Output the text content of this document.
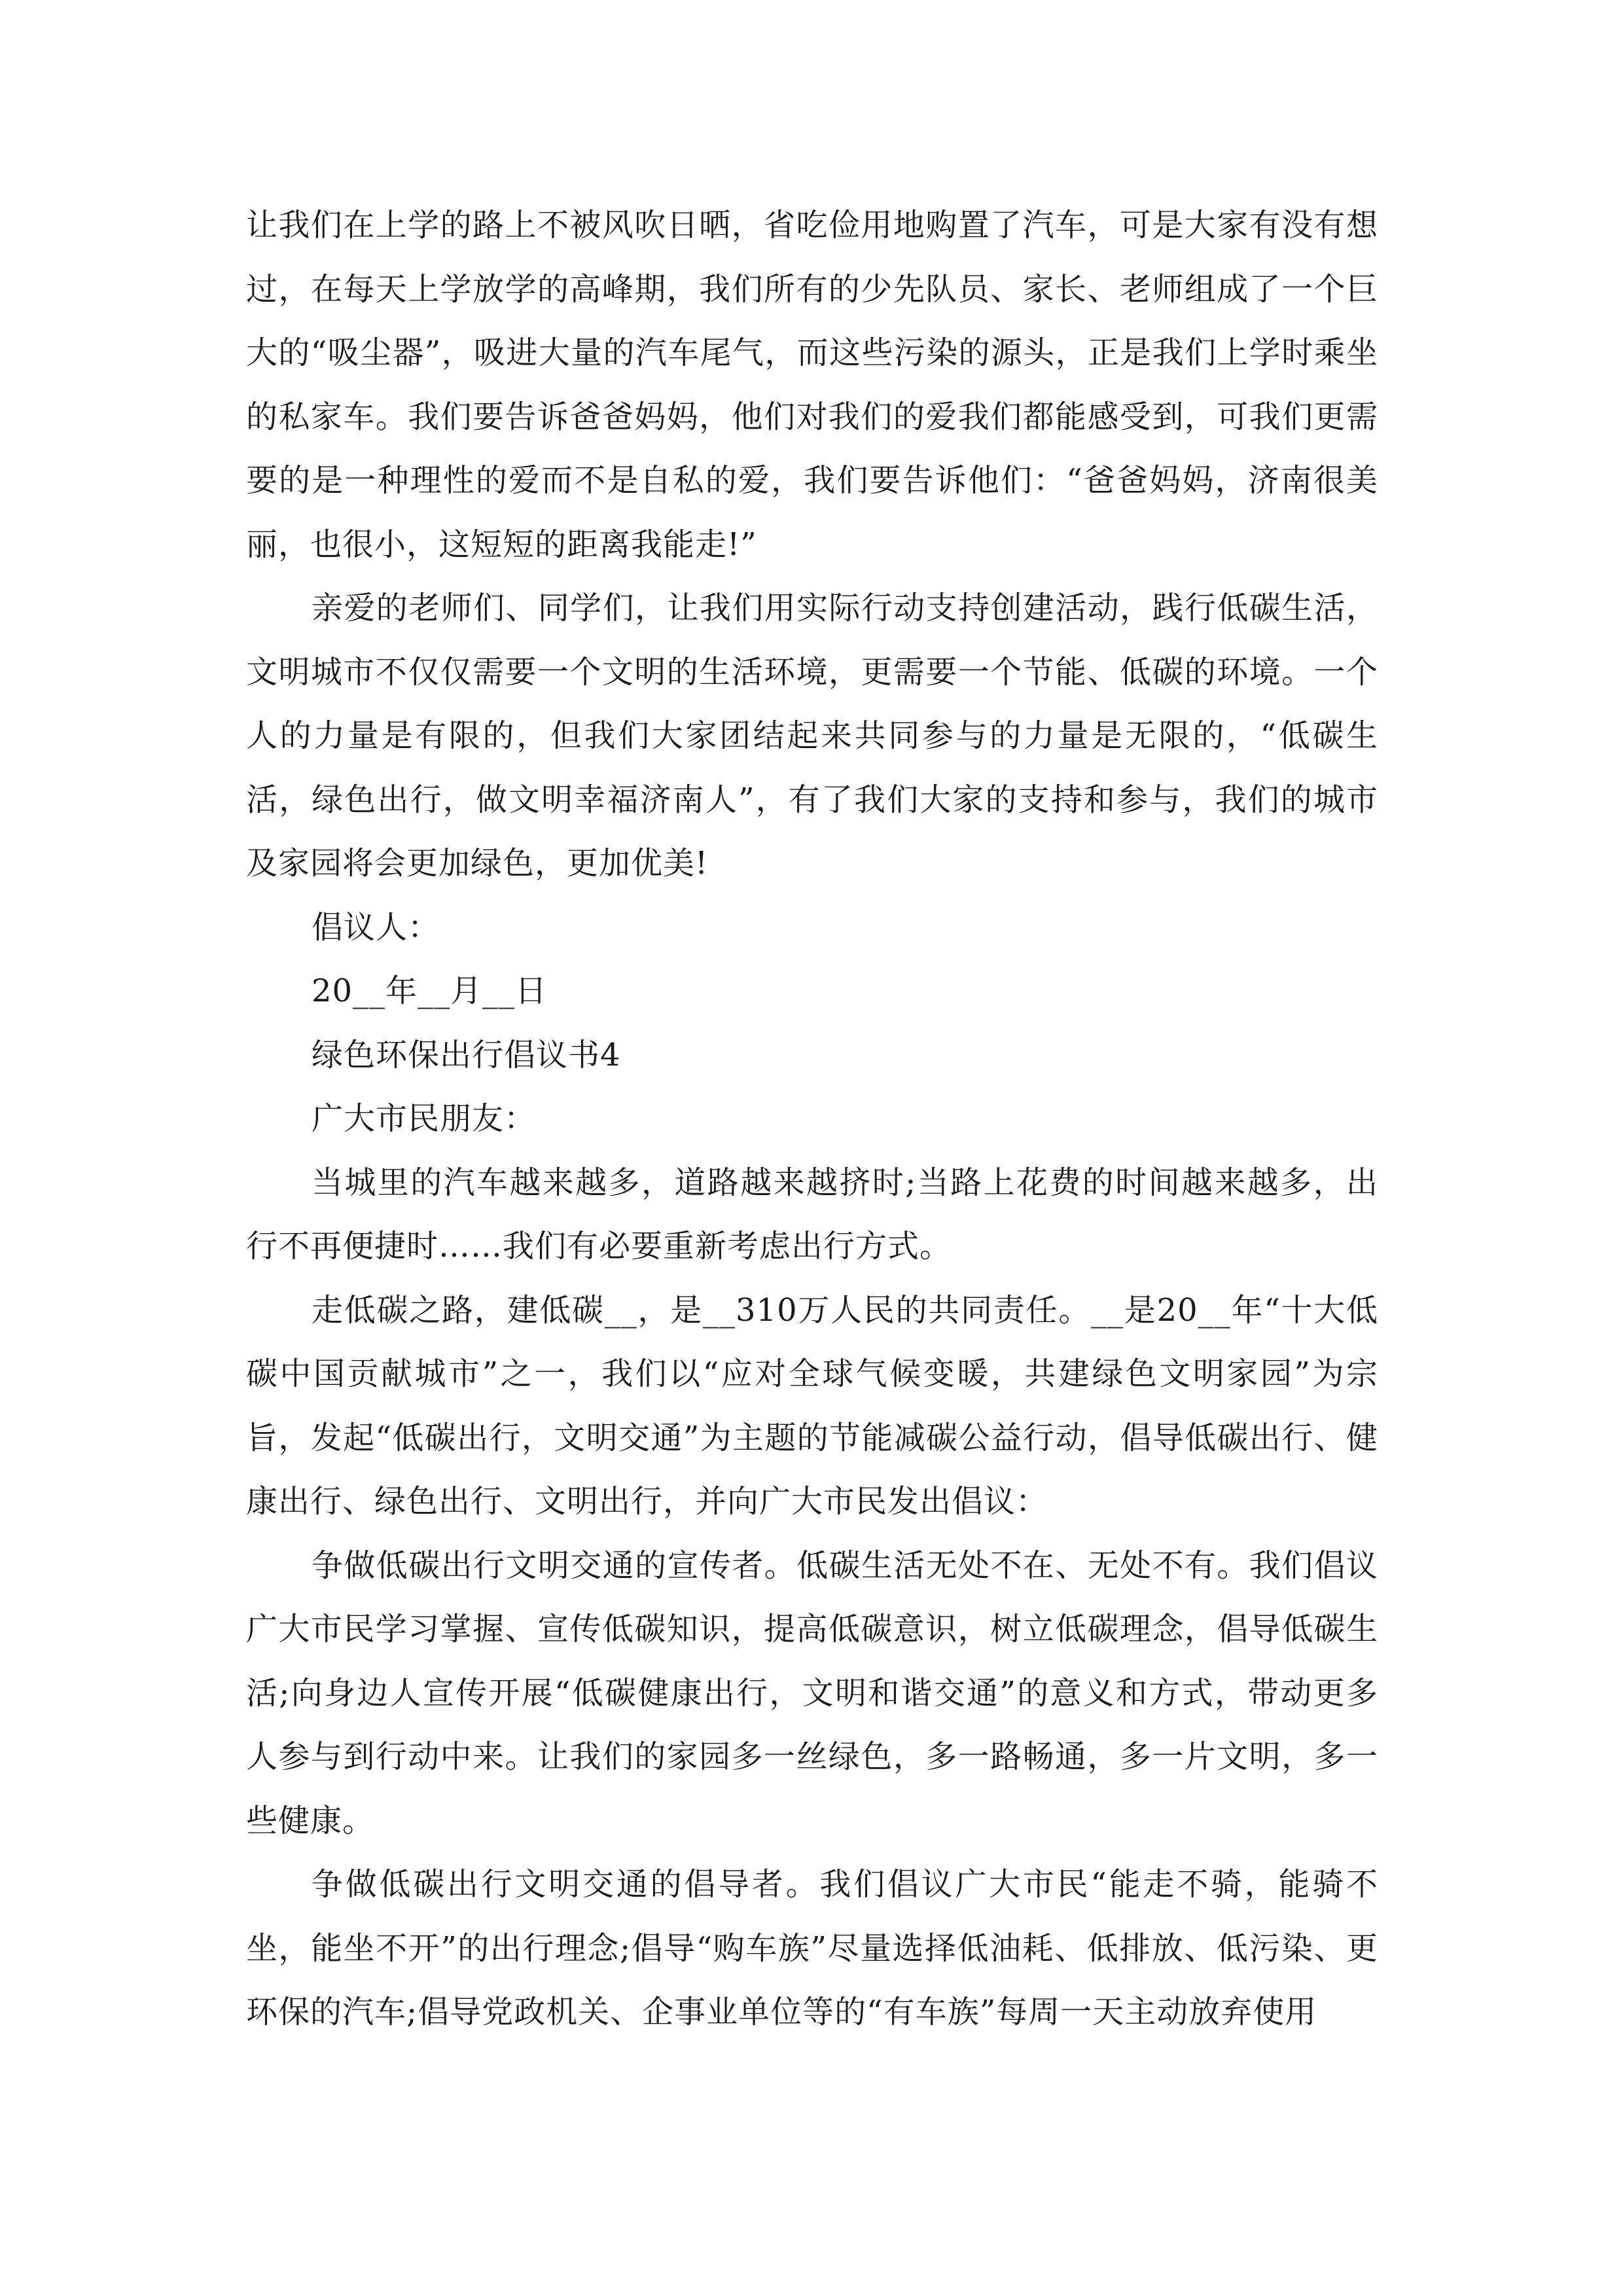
让我们在上学的路上不被风吹日晒，省吃俭用地购置了汽车，可是大家有没有想过，在每天上学放学的高峰期，我们所有的少先队员、家长、老师组成了一个巨大的“吸尘器”，吸进大量的汽车尾气，而这些污染的源头，正是我们上学时乘坐的私家车。我们要告诉爸爸妈妈，他们对我们的爱我们都能感受到，可我们更需要的是一种理性的爱而不是自私的爱，我们要告诉他们：“爸爸妈妈，济南很美丽，也很小，这短短的距离我能走!”

亲爱的老师们、同学们，让我们用实际行动支持创建活动，践行低碳生活，文明城市不仅仅需要一个文明的生活环境，更需要一个节能、低碳的环境。一个人的力量是有限的，但我们大家团结起来共同参与的力量是无限的，“低碳生活，绿色出行，做文明幸福济南人”，有了我们大家的支持和参与，我们的城市及家园将会更加绿色，更加优美!

倡议人：

20__年__月__日

绿色环保出行倡议书4

广大市民朋友：

当城里的汽车越来越多，道路越来越挤时;当路上花费的时间越来越多，出行不再便捷时……我们有必要重新考虑出行方式。

走低碳之路，建低碳__，是__310万人民的共同责任。__是20__年“十大低碳中国贡献城市”之一，我们以“应对全球气候变暖，共建绿色文明家园”为宗旨，发起“低碳出行，文明交通”为主题的节能减碳公益行动，倡导低碳出行、健康出行、绿色出行、文明出行，并向广大市民发出倡议：

争做低碳出行文明交通的宣传者。低碳生活无处不在、无处不有。我们倡议广大市民学习掌握、宣传低碳知识，提高低碳意识，树立低碳理念，倡导低碳生活;向身边人宣传开展“低碳健康出行，文明和谐交通”的意义和方式，带动更多人参与到行动中来。让我们的家园多一丝绿色，多一路畅通，多一片文明，多一些健康。

争做低碳出行文明交通的倡导者。我们倡议广大市民“能走不骑，能骑不坐，能坐不开”的出行理念;倡导“购车族”尽量选择低油耗、低排放、低污染、更环保的汽车;倡导党政机关、企事业单位等的“有车族”每周一天主动放弃使用
